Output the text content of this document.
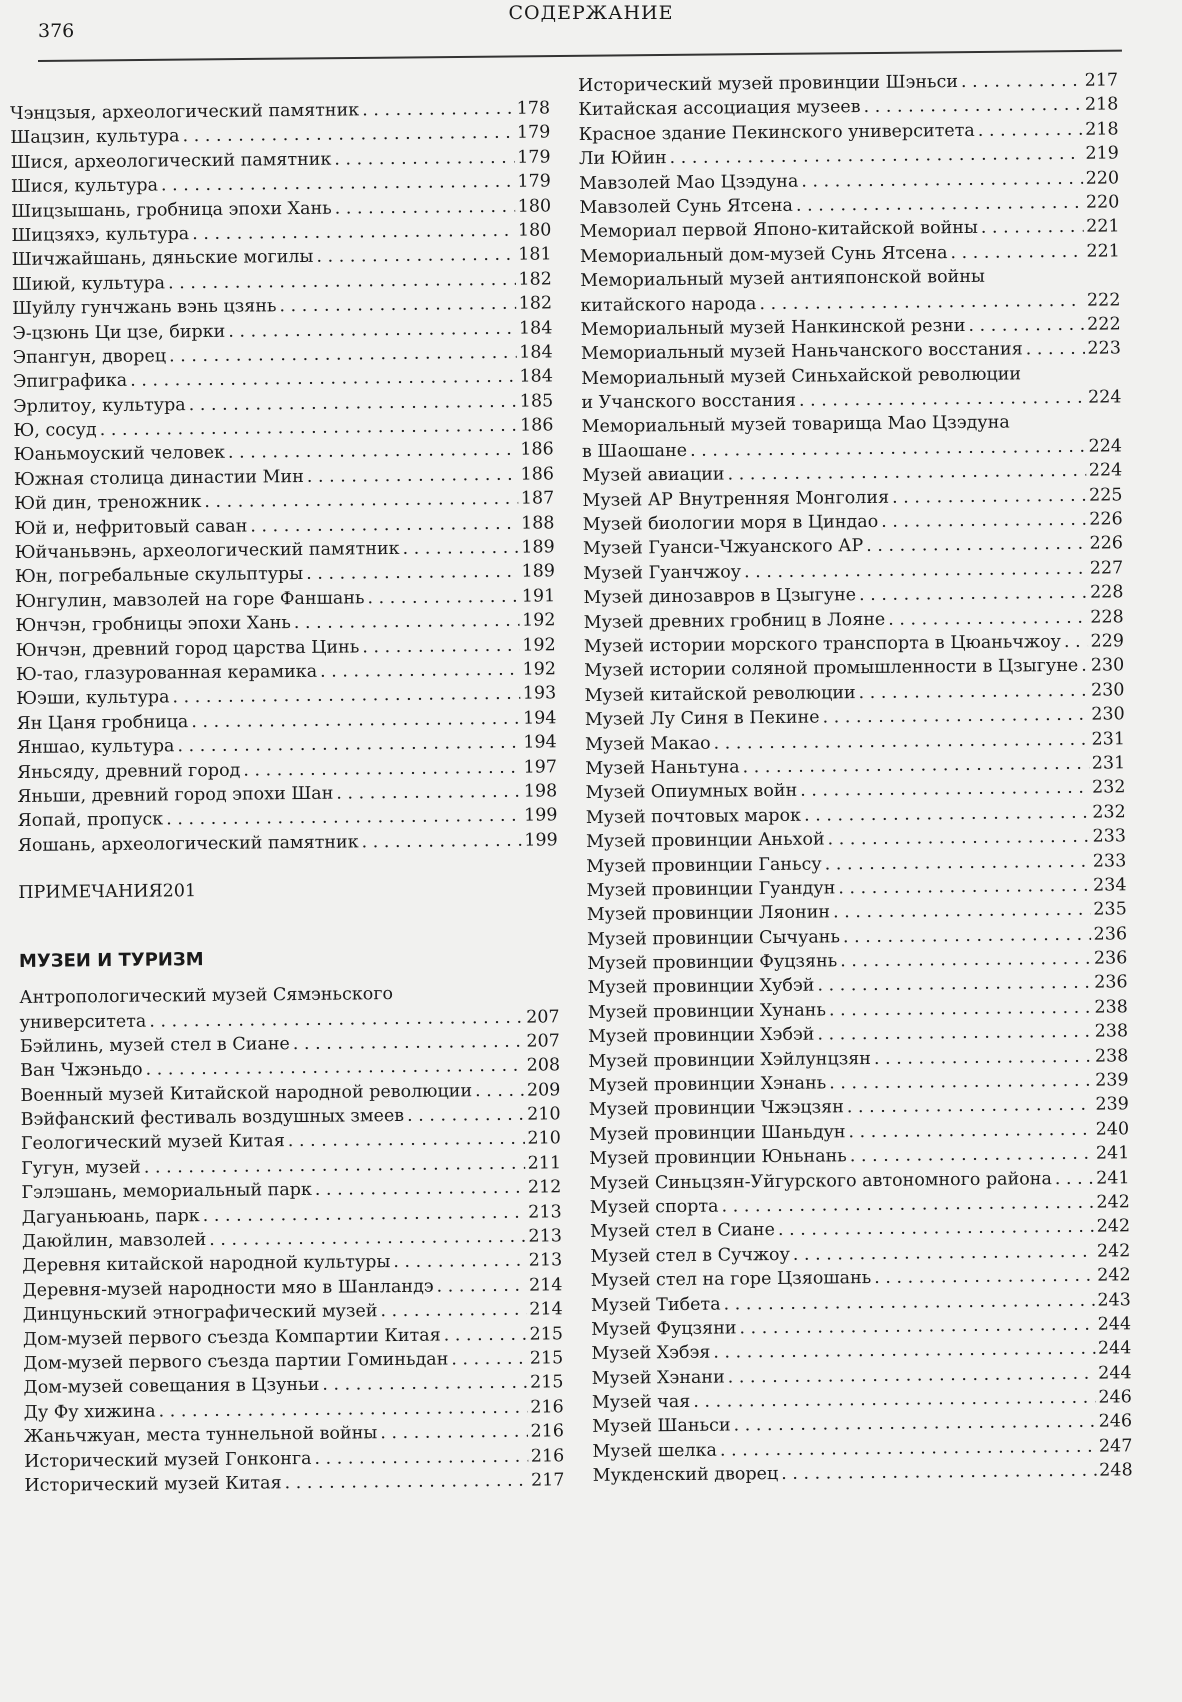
376
СОДЕРЖАНИЕ
Чэнцзыя, археологический памятник . . .	178
Шацзин, культура . . .	179
Шися, археологический памятник . . .	179
Шися, культура . . .	179
Шицзышань, гробница эпохи Хань . . .	180
Шицзяхэ, культура . . .	180
Шичжайшань, дяньские могилы . . .	181
Шиюй, культура . . .	182
Шуйлу гунчжань вэнь цзянь . . .	182
Э-цзюнь Ци цзе, бирки . . .	184
Эпангун, дворец . . .	184
Эпиграфика . . .	184
Эрлитоу, культура . . .	185
Ю, сосуд . . .	186
Юаньмоуский человек . . .	186
Южная столица династии Мин . . .	186
Юй дин, треножник . . .	187
Юй и, нефритовый саван . . .	188
Юйчаньвэнь, археологический памятник . . .	189
Юн, погребальные скульптуры . . .	189
Юнгулин, мавзолей на горе Фаншань . . .	191
Юнчэн, гробницы эпохи Хань . . .	192
Юнчэн, древний город царства Цинь . . .	192
Ю-тао, глазурованная керамика . . .	192
Юэши, культура . . .	193
Ян Цаня гробница . . .	194
Яншао, культура . . .	194
Яньсяду, древний город . . .	197
Яньши, древний город эпохи Шан . . .	198
Яопай, пропуск . . .	199
Яошань, археологический памятник . . .	199
ПРИМЕЧАНИЯ 201
МУЗЕИ И ТУРИЗМ
Антропологический музей Сямэньского
университета . . .	207
Бэйлинь, музей стел в Сиане . . .	207
Ван Чжэньдо . . .	208
Военный музей Китайской народной революции . . .	209
Вэйфанский фестиваль воздушных змеев . . .	210
Геологический музей Китая . . .	210
Гугун, музей . . .	211
Гэлэшань, мемориальный парк . . .	212
Дагуаньюань, парк . . .	213
Даюйлин, мавзолей . . .	213
Деревня китайской народной культуры . . .	213
Деревня-музей народности мяо в Шанландэ . . .	214
Динцуньский этнографический музей . . .	214
Дом-музей первого съезда Компартии Китая . . .	215
Дом-музей первого съезда партии Гоминьдан . . .	215
Дом-музей совещания в Цзуньи . . .	215
Ду Фу хижина . . .	216
Жаньчжуан, места туннельной войны . . .	216
Исторический музей Гонконга . . .	216
Исторический музей Китая . . .	217
Исторический музей провинции Шэньси . . .	217
Китайская ассоциация музеев . . .	218
Красное здание Пекинского университета . . .	218
Ли Юйин . . .	219
Мавзолей Мао Цзэдуна . . .	220
Мавзолей Сунь Ятсена . . .	220
Мемориал первой Японо-китайской войны . . .	221
Мемориальный дом-музей Сунь Ятсена . . .	221
Мемориальный музей антияпонской войны
китайского народа . . .	222
Мемориальный музей Нанкинской резни . . .	222
Мемориальный музей Наньчанского восстания . . .	223
Мемориальный музей Синьхайской революции
и Учанского восстания . . .	224
Мемориальный музей товарища Мао Цзэдуна
в Шаошане . . .	224
Музей авиации . . .	224
Музей АР Внутренняя Монголия . . .	225
Музей биологии моря в Циндао . . .	226
Музей Гуанси-Чжуанского АР . . .	226
Музей Гуанчжоу . . .	227
Музей динозавров в Цзыгуне . . .	228
Музей древних гробниц в Лояне . . .	228
Музей истории морского транспорта в Цюаньчжоу . . . 229
Музей истории соляной промышленности в Цзыгуне . . . 230
Музей китайской революции . . .	230
Музей Лу Синя в Пекине . . .	230
Музей Макао . . .	231
Музей Наньтуна . . .	231
Музей Опиумных войн . . .	232
Музей почтовых марок . . .	232
Музей провинции Аньхой . . .	233
Музей провинции Ганьсу . . .	233
Музей провинции Гуандун . . .	234
Музей провинции Ляонин . . .	235
Музей провинции Сычуань . . .	236
Музей провинции Фуцзянь . . .	236
Музей провинции Хубэй . . .	236
Музей провинции Хунань . . .	238
Музей провинции Хэбэй . . .	238
Музей провинции Хэйлунцзян . . .	238
Музей провинции Хэнань . . .	239
Музей провинции Чжэцзян . . .	239
Музей провинции Шаньдун . . .	240
Музей провинции Юньнань . . .	241
Музей Синьцзян-Уйгурского автономного района . . .	241
Музей спорта . . .	242
Музей стел в Сиане . . .	242
Музей стел в Сучжоу . . .	242
Музей стел на горе Цзяошань . . .	242
Музей Тибета . . .	243
Музей Фуцзяни . . .	244
Музей Хэбэя . . .	244
Музей Хэнани . . .	244
Музей чая . . .	246
Музей Шаньси . . .	246
Музей шелка . . .	247
Мукденский дворец . . .	248
